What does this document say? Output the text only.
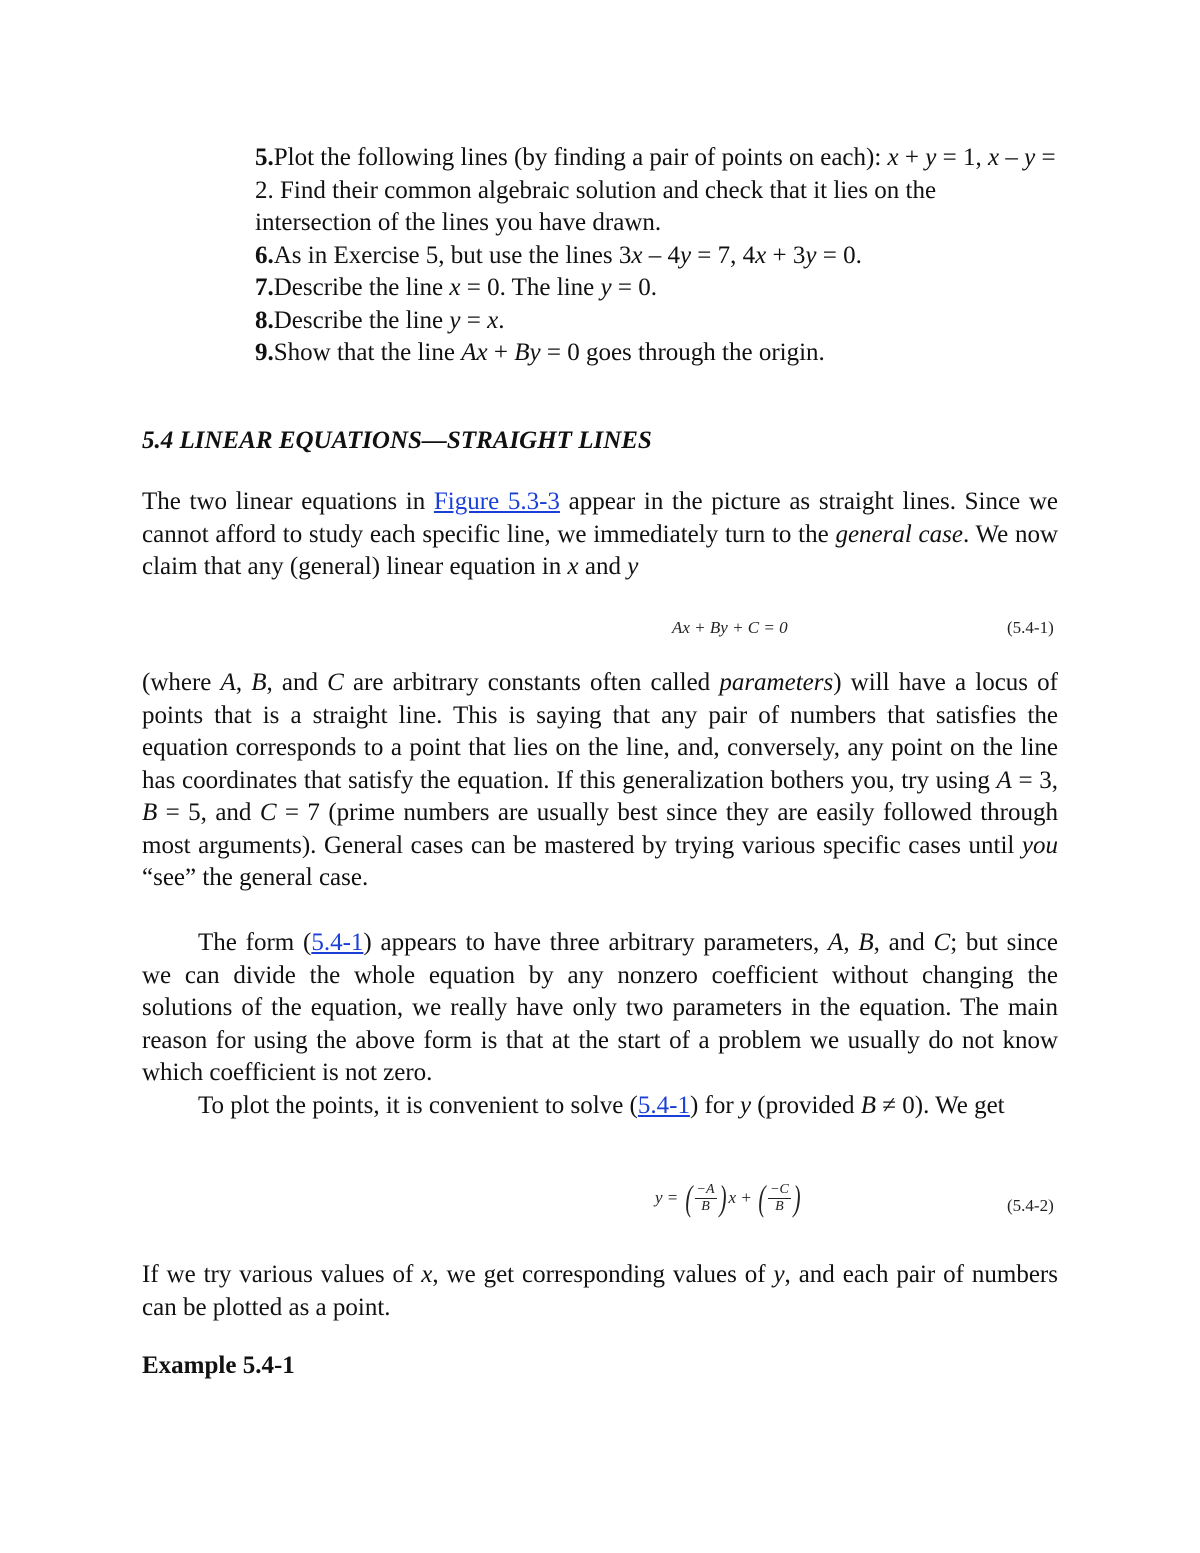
5.Plot the following lines (by finding a pair of points on each): x + y = 1, x – y = 2. Find their common algebraic solution and check that it lies on the intersection of the lines you have drawn.

6.As in Exercise 5, but use the lines 3x – 4y = 7, 4x + 3y = 0.

7.Describe the line x = 0. The line y = 0.

8.Describe the line y = x.

9.Show that the line Ax + By = 0 goes through the origin.

5.4 LINEAR EQUATIONS—STRAIGHT LINES

The two linear equations in Figure 5.3-3 appear in the picture as straight lines. Since we cannot afford to study each specific line, we immediately turn to the general case. We now claim that any (general) linear equation in x and y

Ax + By + C = 0	(5.4-1)

(where A, B, and C are arbitrary constants often called parameters) will have a locus of points that is a straight line. This is saying that any pair of numbers that satisfies the equation corresponds to a point that lies on the line, and, conversely, any point on the line has coordinates that satisfy the equation. If this generalization bothers you, try using A = 3, B = 5, and C = 7 (prime numbers are usually best since they are easily followed through most arguments). General cases can be mastered by trying various specific cases until you “see” the general case.

The form (5.4-1) appears to have three arbitrary parameters, A, B, and C; but since we can divide the whole equation by any nonzero coefficient without changing the solutions of the equation, we really have only two parameters in the equation. The main reason for using the above form is that at the start of a problem we usually do not know which coefficient is not zero.

To plot the points, it is convenient to solve (5.4-1) for y (provided B ≠ 0). We get

y = ( $\frac{-A}{B}$ ) x + ( $\frac{-C}{B}$ )	(5.4-2)

If we try various values of x, we get corresponding values of y, and each pair of numbers can be plotted as a point.

Example 5.4-1
